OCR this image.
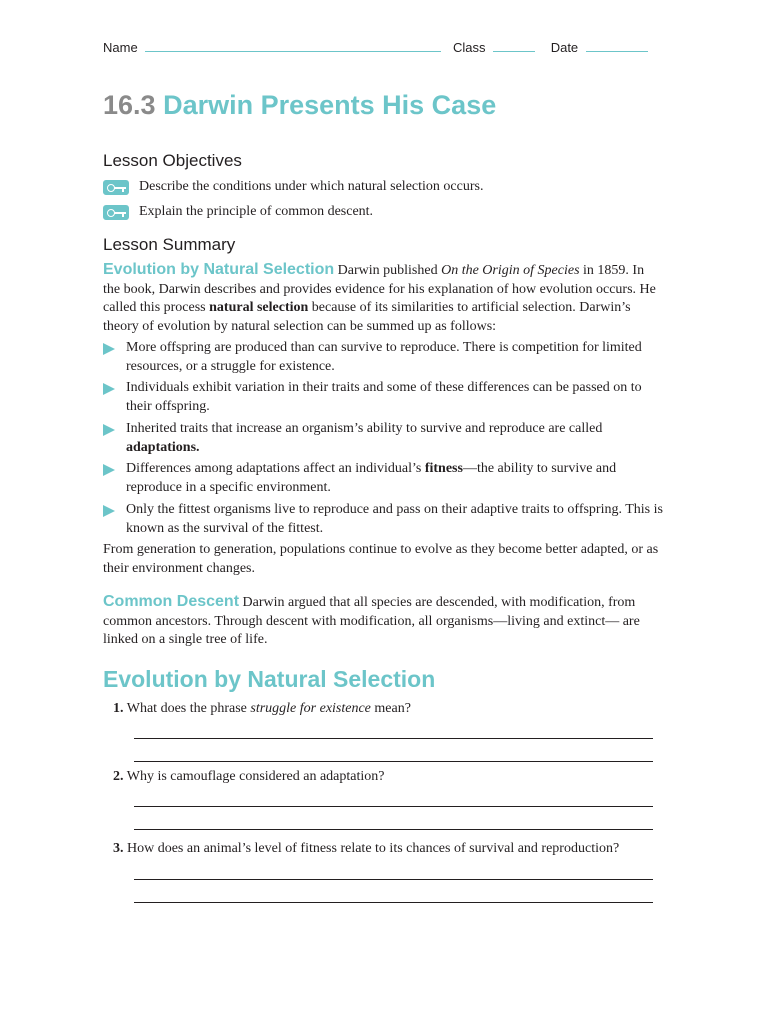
Name	Class	Date
16.3 Darwin Presents His Case
Lesson Objectives
Describe the conditions under which natural selection occurs.
Explain the principle of common descent.
Lesson Summary
Evolution by Natural Selection Darwin published On the Origin of Species in 1859. In the book, Darwin describes and provides evidence for his explanation of how evolution occurs. He called this process natural selection because of its similarities to artificial selection. Darwin’s theory of evolution by natural selection can be summed up as follows:
More offspring are produced than can survive to reproduce. There is competition for limited resources, or a struggle for existence.
Individuals exhibit variation in their traits and some of these differences can be passed on to their offspring.
Inherited traits that increase an organism’s ability to survive and reproduce are called adaptations.
Differences among adaptations affect an individual’s fitness—the ability to survive and reproduce in a specific environment.
Only the fittest organisms live to reproduce and pass on their adaptive traits to offspring. This is known as the survival of the fittest.
From generation to generation, populations continue to evolve as they become better adapted, or as their environment changes.
Common Descent Darwin argued that all species are descended, with modification, from common ancestors. Through descent with modification, all organisms—living and extinct— are linked on a single tree of life.
Evolution by Natural Selection
1. What does the phrase struggle for existence mean?
2. Why is camouflage considered an adaptation?
3. How does an animal’s level of fitness relate to its chances of survival and reproduction?
